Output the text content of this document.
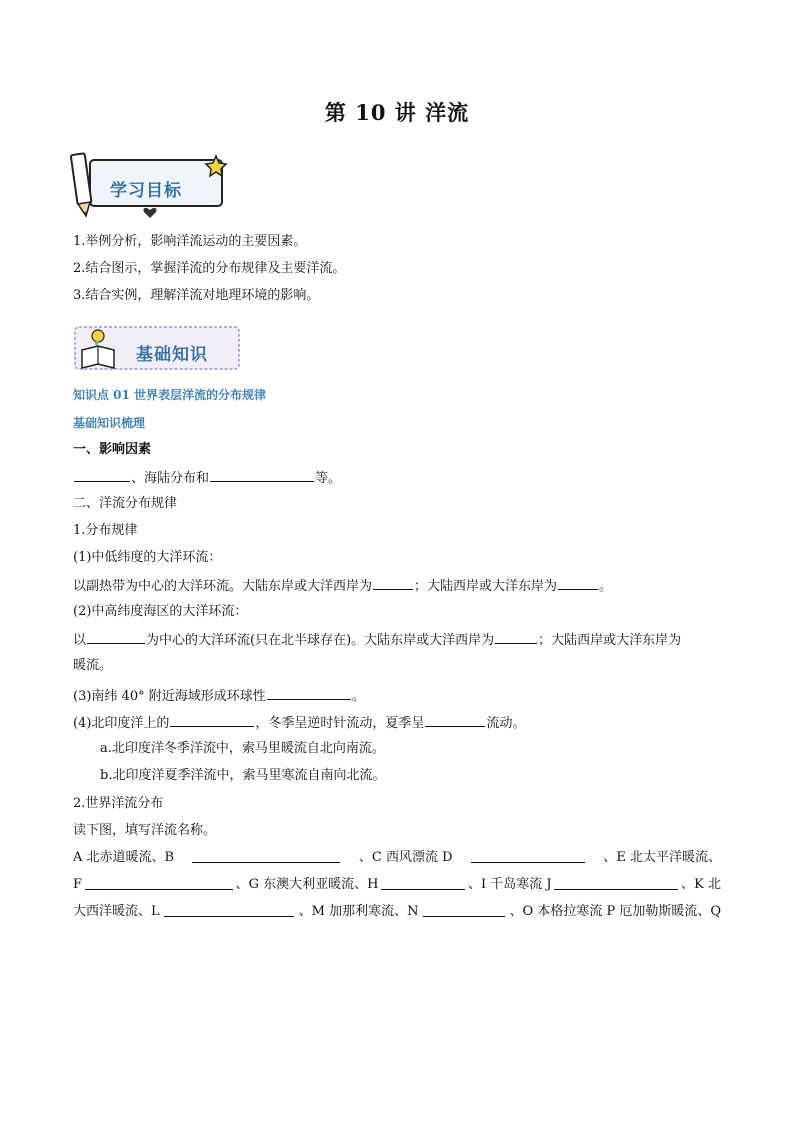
第 10 讲 洋流
学习目标
1.举例分析，影响洋流运动的主要因素。
2.结合图示，掌握洋流的分布规律及主要洋流。
3.结合实例，理解洋流对地理环境的影响。
基础知识
知识点 01 世界表层洋流的分布规律
基础知识梳理
一、影响因素
、海陆分布和	等。
二、洋流分布规律
1.分布规律
(1)中低纬度的大洋环流：
以副热带为中心的大洋环流。大陆东岸或大洋西岸为	；大陆西岸或大洋东岸为	。
(2)中高纬度海区的大洋环流：
以	为中心的大洋环流(只在北半球存在)。大陆东岸或大洋西岸为	；大陆西岸或大洋东岸为
暖流。
(3)南纬 40° 附近海域形成环球性	。
(4)北印度洋上的	，冬季呈逆时针流动，夏季呈	流动。
a.北印度洋冬季洋流中，索马里暖流自北向南流。
b.北印度洋夏季洋流中，索马里寒流自南向北流。
2.世界洋流分布
读下图，填写洋流名称。
A 北赤道暖流、B	、C 西风漂流 D	、E 北太平洋暖流、
F	、G 东澳大利亚暖流、H	、I 千岛寒流 J	、K 北
大西洋暖流、L	、M 加那利寒流、N	、O 本格拉寒流 P 厄加勒斯暖流、Q
